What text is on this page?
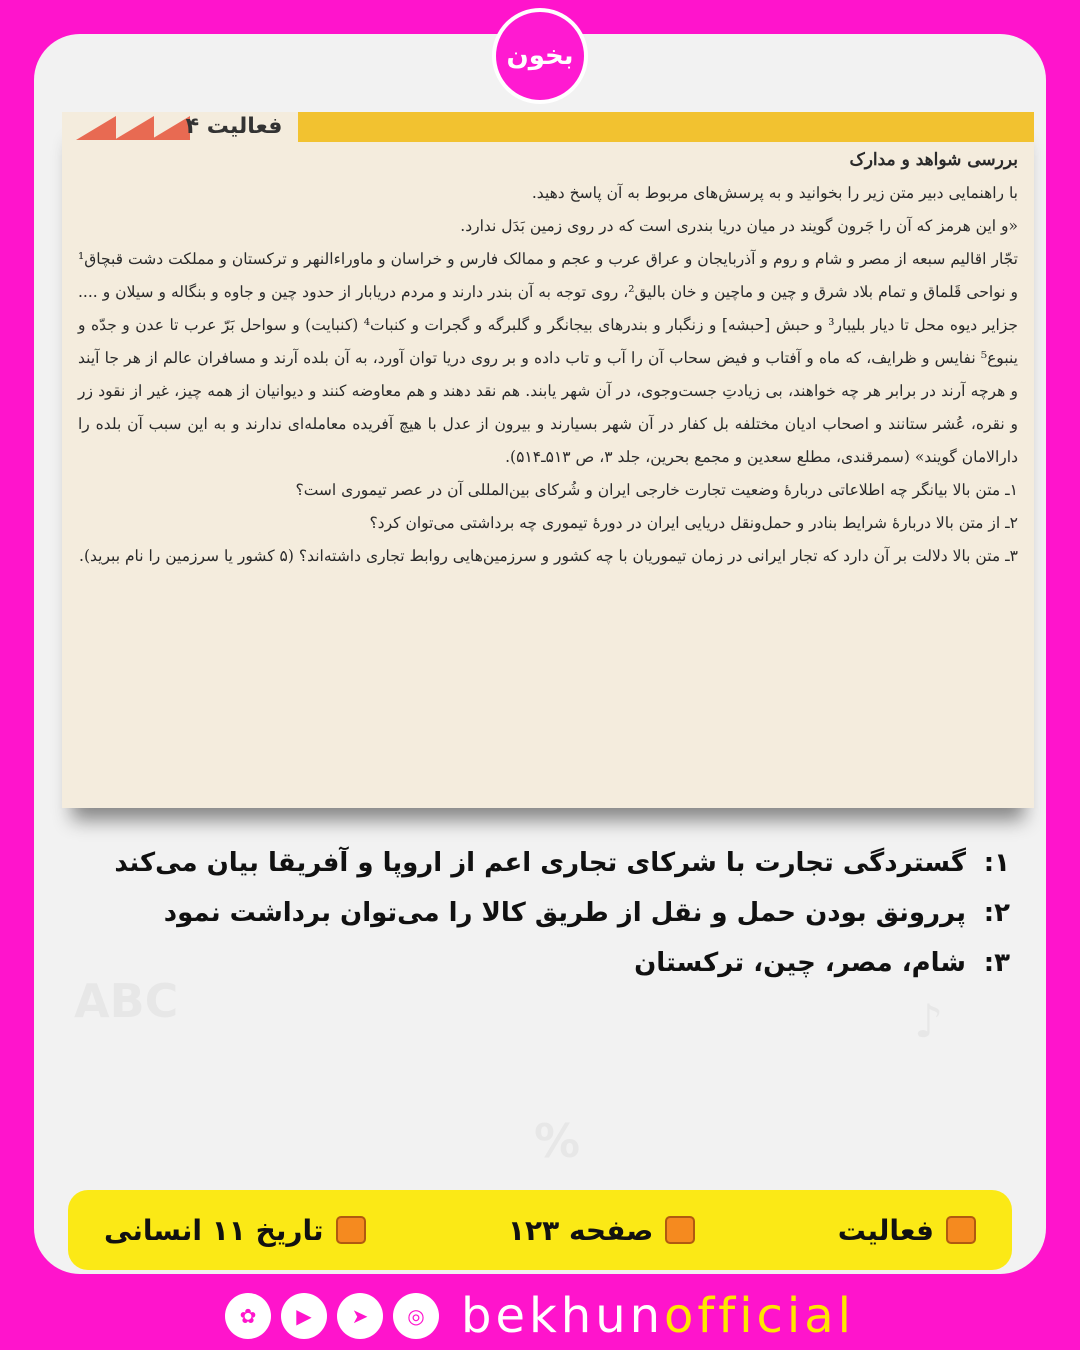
فعالیت ۴

بررسی شواهد و مدارک

با راهنمایی دبیر متن زیر را بخوانید و به پرسش‌های مربوط به آن پاسخ دهید.

«و این هرمز که آن را جَرون گویند در میان دریا بندری است که در روی زمین بَدَل ندارد.

تجّار اقالیم سبعه از مصر و شام و روم و آذربایجان و عراق عرب و عجم و ممالک فارس و خراسان و ماوراءالنهر و ترکستان و مملکت دشت قبچاق¹ و نواحی قَلماق و تمام بلاد شرق و چین و ماچین و خان بالیق²، روی توجه به آن بندر دارند و مردم دریابار از حدود چین و جاوه و بنگاله و سیلان و .... جزایر دیوه محل تا دیار بلیبار³ و حبش [حبشه] و زنگبار و بندرهای بیجانگر و گلبرگه و گجرات و کنبات⁴ (کنبایت) و سواحل بَرّ عرب تا عدن و جدّه و ینبوع⁵ نفایس و ظرایف، که ماه و آفتاب و فیض سحاب آن را آب و تاب داده و بر روی دریا توان آورد، به آن بلده آرند و مسافران عالم از هر جا آیند و هرچه آرند در برابر هر چه خواهند، بی زیادتِ جست‌وجوی، در آن شهر یابند. هم نقد دهند و هم معاوضه کنند و دیوانیان از همه چیز، غیر از نقود زر و نقره، عُشر ستانند و اصحاب ادیان مختلفه بل کفار در آن شهر بسیارند و بیرون از عدل با هیچ آفریده معامله‌ای ندارند و به این سبب آن بلده را دارالامان گویند» (سمرقندی، مطلع سعدین و مجمع بحرین، جلد ۳، ص ۵۱۳ـ۵۱۴).

۱ـ متن بالا بیانگر چه اطلاعاتی دربارهٔ وضعیت تجارت خارجی ایران و شُرکای بین‌المللی آن در عصر تیموری است؟

۲ـ از متن بالا دربارهٔ شرایط بنادر و حمل‌ونقل دریایی ایران در دورهٔ تیموری چه برداشتی می‌توان کرد؟

۳ـ متن بالا دلالت بر آن دارد که تجار ایرانی در زمان تیموریان با چه کشور و سرزمین‌هایی روابط تجاری داشته‌اند؟ (۵ کشور یا سرزمین را نام ببرید).

بخون
۱:گستردگی تجارت با شرکای تجاری اعم از اروپا و آفریقا بیان می‌کند
۲:پررونق بودن حمل و نقل از طریق کالا را می‌توان برداشت نمود
۳:شام، مصر، چین، ترکستان
فعالیت
صفحه ۱۲۳
تاریخ ۱۱ انسانی
✿	▶	➤	◎ bekhunofficial
